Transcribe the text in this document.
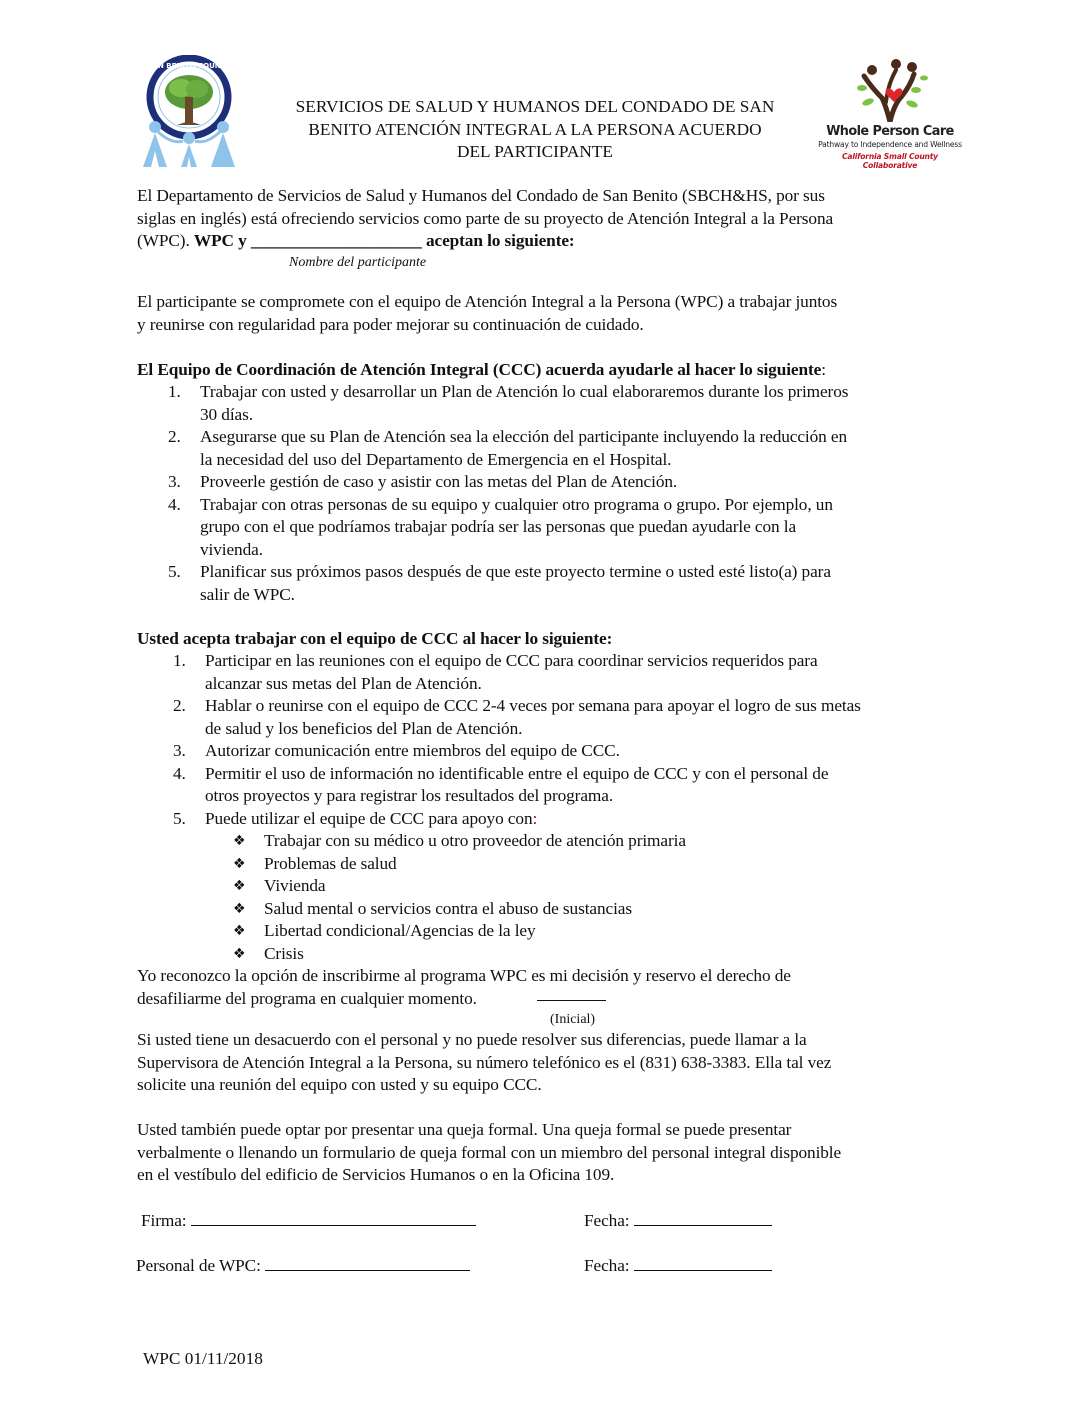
SAN BENITO COUNTY
SERVICIOS DE SALUD Y HUMANOS DEL CONDADO DE SAN
BENITO ATENCIÓN INTEGRAL A LA PERSONA ACUERDO
DEL PARTICIPANTE
Whole Person Care
Pathway to Independence and Wellness
California Small County Collaborative
El Departamento de Servicios de Salud y Humanos del Condado de San Benito (SBCH&HS, por sus
siglas en inglés) está ofreciendo servicios como parte de su proyecto de Atención Integral a la Persona
(WPC). WPC y ____________________ aceptan lo siguiente:
Nombre del participante
El participante se compromete con el equipo de Atención Integral a la Persona (WPC) a trabajar juntos
y reunirse con regularidad para poder mejorar su continuación de cuidado.
El Equipo de Coordinación de Atención Integral (CCC) acuerda ayudarle al hacer lo siguiente:
1. Trabajar con usted y desarrollar un Plan de Atención lo cual elaboraremos durante los primeros
30 días.
2. Asegurarse que su Plan de Atención sea la elección del participante incluyendo la reducción en
la necesidad del uso del Departamento de Emergencia en el Hospital.
3. Proveerle gestión de caso y asistir con las metas del Plan de Atención.
4. Trabajar con otras personas de su equipo y cualquier otro programa o grupo. Por ejemplo, un
grupo con el que podríamos trabajar podría ser las personas que puedan ayudarle con la
vivienda.
5. Planificar sus próximos pasos después de que este proyecto termine o usted esté listo(a) para
salir de WPC.
Usted acepta trabajar con el equipo de CCC al hacer lo siguiente:
1. Participar en las reuniones con el equipo de CCC para coordinar servicios requeridos para
alcanzar sus metas del Plan de Atención.
2. Hablar o reunirse con el equipo de CCC 2-4 veces por semana para apoyar el logro de sus metas
de salud y los beneficios del Plan de Atención.
3. Autorizar comunicación entre miembros del equipo de CCC.
4. Permitir el uso de información no identificable entre el equipo de CCC y con el personal de
otros proyectos y para registrar los resultados del programa.
5. Puede utilizar el equipe de CCC para apoyo con:
❖ Trabajar con su médico u otro proveedor de atención primaria
❖ Problemas de salud
❖ Vivienda
❖ Salud mental o servicios contra el abuso de sustancias
❖ Libertad condicional/Agencias de la ley
❖ Crisis
Yo reconozco la opción de inscribirme al programa WPC es mi decisión y reservo el derecho de
desafiliarme del programa en cualquier momento.
(Inicial)
Si usted tiene un desacuerdo con el personal y no puede resolver sus diferencias, puede llamar a la
Supervisora de Atención Integral a la Persona, su número telefónico es el (831) 638-3383. Ella tal vez
solicite una reunión del equipo con usted y su equipo CCC.
Usted también puede optar por presentar una queja formal. Una queja formal se puede presentar
verbalmente o llenando un formulario de queja formal con un miembro del personal integral disponible
en el vestíbulo del edificio de Servicios Humanos o en la Oficina 109.
Firma:	Fecha:
Personal de WPC:	Fecha:
WPC 01/11/2018
